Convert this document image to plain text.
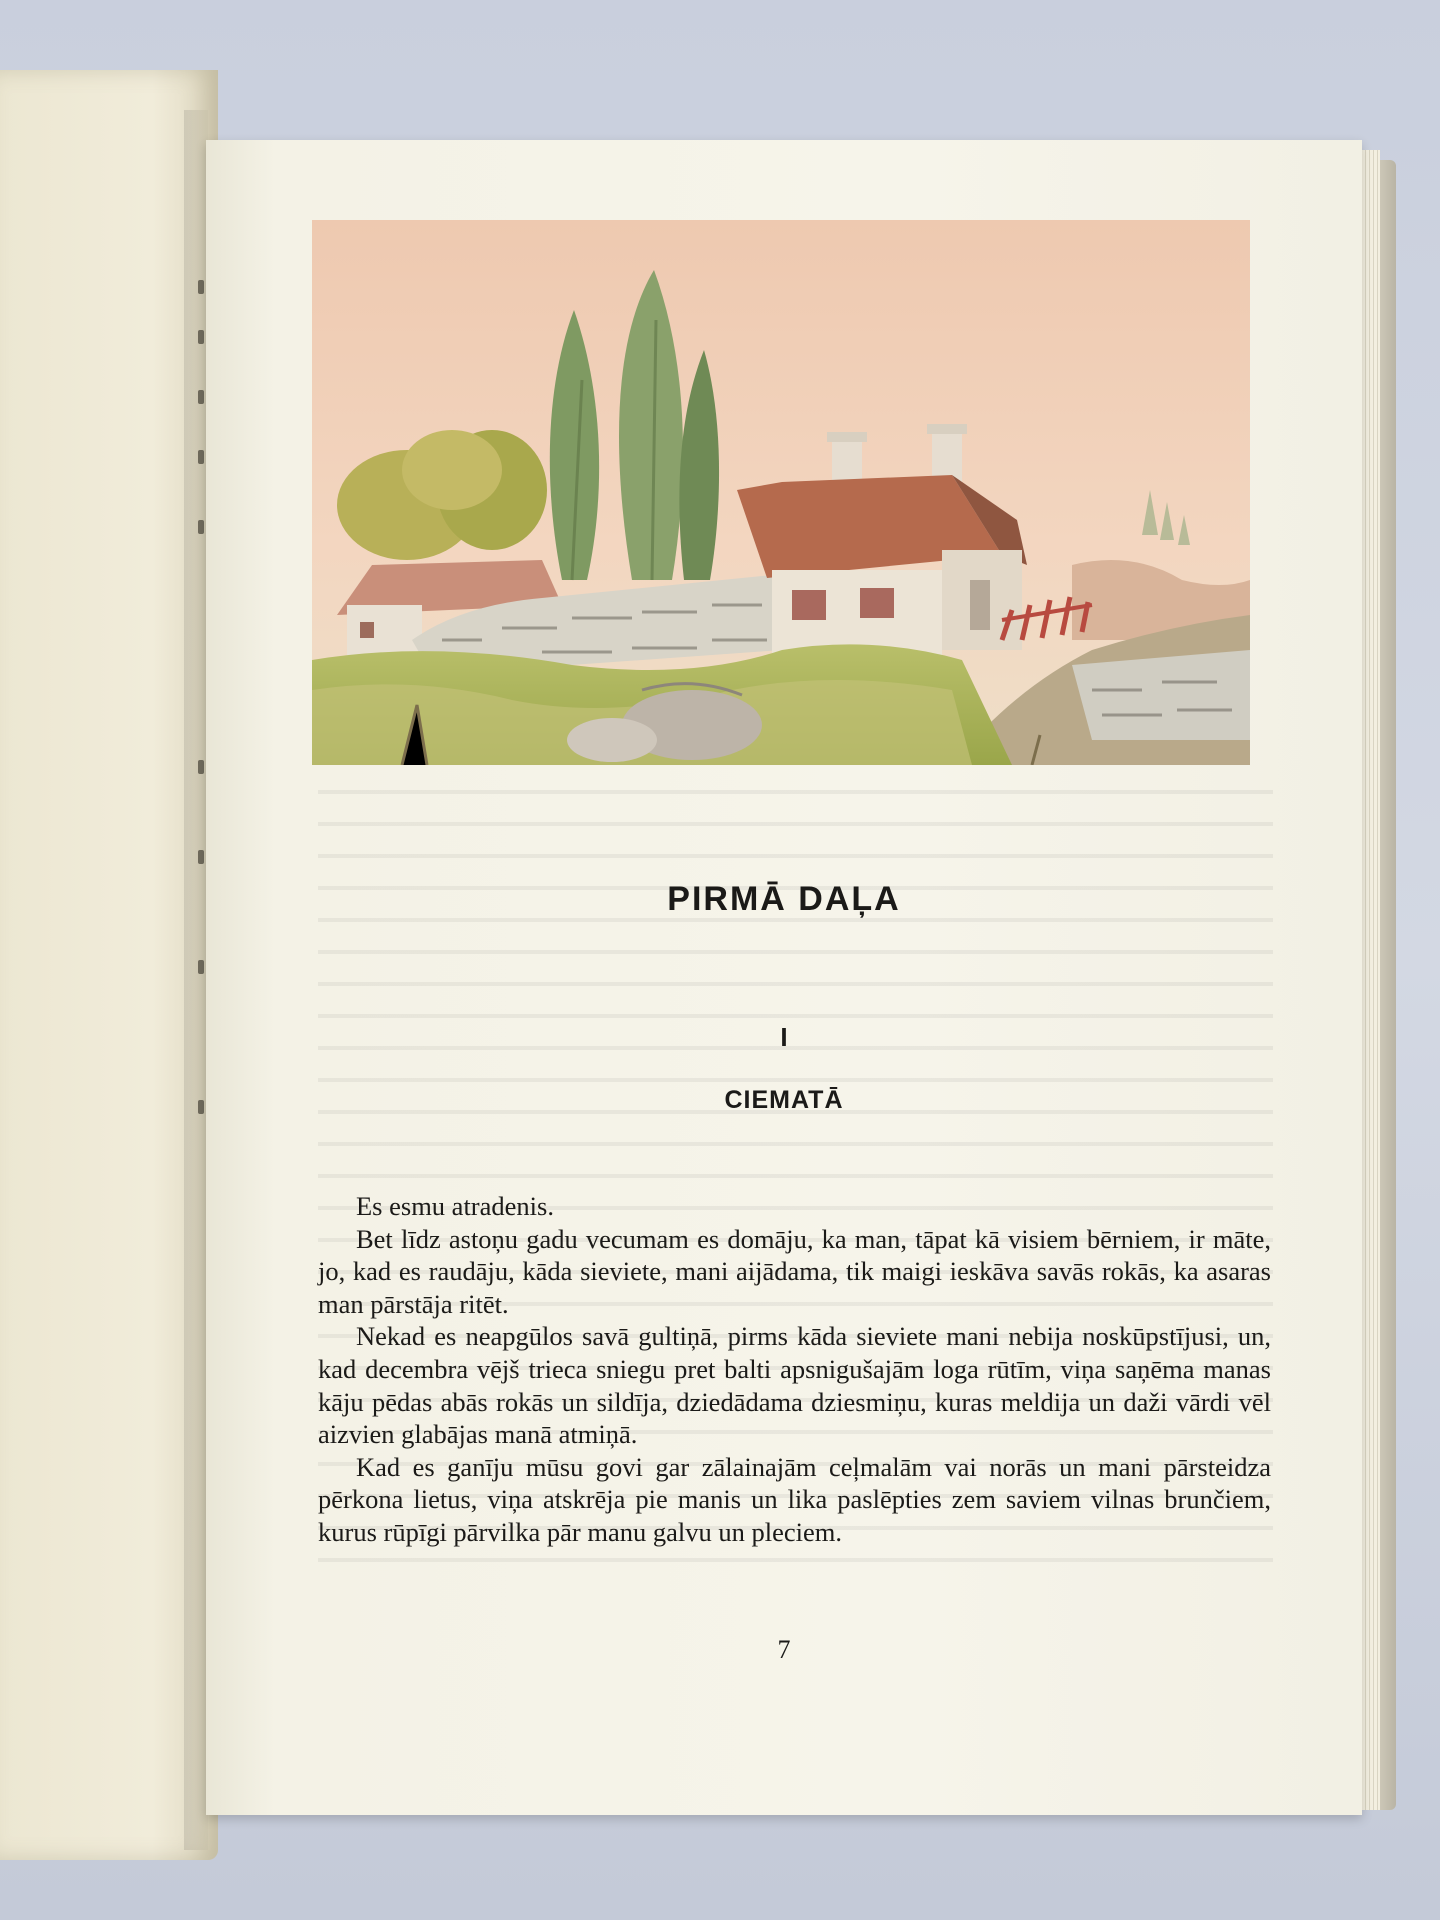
PIRMĀ DAĻA
I
CIEMATĀ

Es esmu atradenis.

Bet līdz astoņu gadu vecumam es domāju, ka man, tāpat kā visiem bērniem, ir māte, jo, kad es raudāju, kāda sieviete, mani aijādama, tik maigi ieskāva savās rokās, ka asaras man pārstāja ritēt.

Nekad es neapgūlos savā gultiņā, pirms kāda sieviete mani nebija noskūpstījusi, un, kad decembra vējš trieca sniegu pret balti apsnigušajām loga rūtīm, viņa saņēma manas kāju pēdas abās rokās un sildīja, dziedādama dziesmiņu, kuras meldija un daži vārdi vēl aizvien glabājas manā atmiņā.

Kad es ganīju mūsu govi gar zālainajām ceļmalām vai norās un mani pārsteidza pērkona lietus, viņa atskrēja pie manis un lika paslēpties zem saviem vilnas brunčiem, kurus rūpīgi pārvilka pār manu galvu un pleciem.

7
